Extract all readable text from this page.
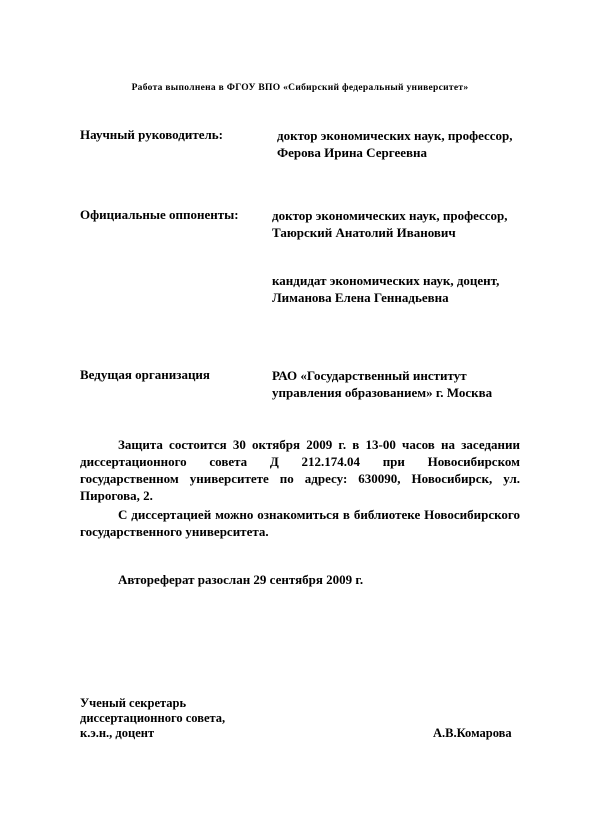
Работа выполнена в ФГОУ ВПО «Сибирский федеральный университет»
Научный руководитель:	доктор экономических наук, профессор,
Ферова Ирина Сергеевна
Официальные оппоненты:	доктор экономических наук, профессор,
Таюрский Анатолий Иванович
кандидат экономических наук, доцент,
Лиманова Елена Геннадьевна
Ведущая организация	РАО «Государственный институт
управления образованием» г. Москва
Защита состоится 30 октября 2009 г. в 13-00 часов на заседании диссертационного совета Д 212.174.04 при Новосибирском государственном университете по адресу: 630090, Новосибирск, ул. Пирогова, 2.
С диссертацией можно ознакомиться в библиотеке Новосибирского государственного университета.
Автореферат разослан 29 сентября 2009 г.
Ученый секретарь
диссертационного совета,
к.э.н., доцент	А.В.Комарова
